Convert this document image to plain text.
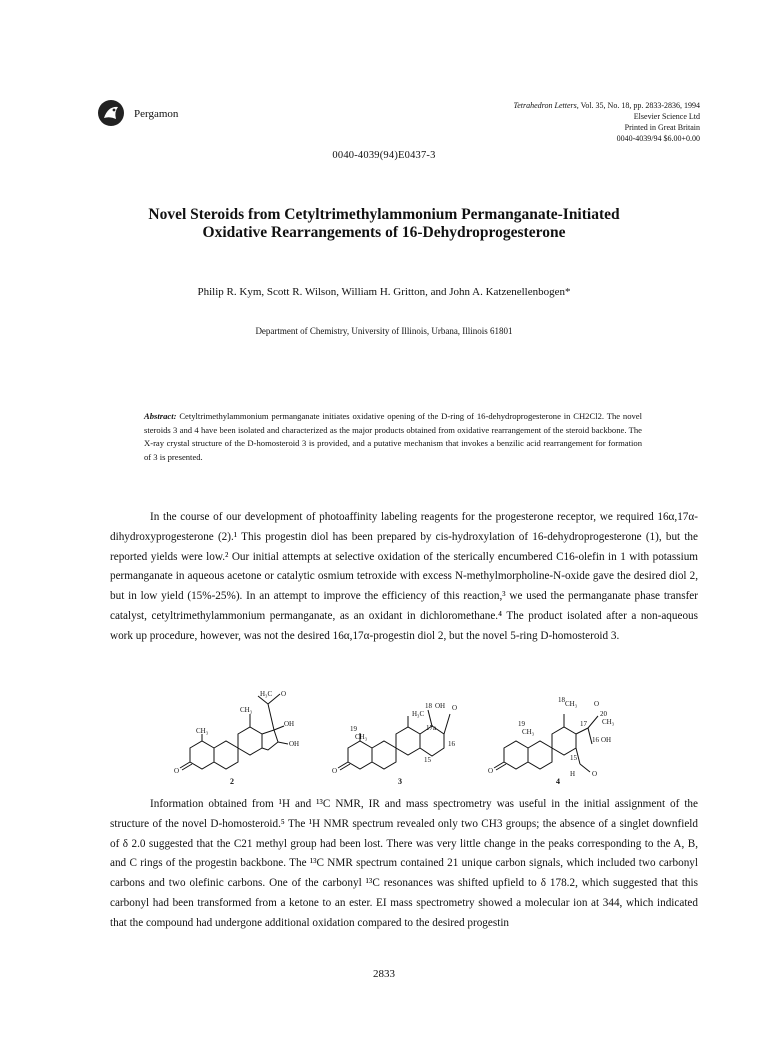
Pergamon
Tetrahedron Letters, Vol. 35, No. 18, pp. 2833-2836, 1994
Elsevier Science Ltd
Printed in Great Britain
0040-4039/94 $6.00+0.00
0040-4039(94)E0437-3
Novel Steroids from Cetyltrimethylammonium Permanganate-Initiated
Oxidative Rearrangements of 16-Dehydroprogesterone
Philip R. Kym, Scott R. Wilson, William H. Gritton, and John A. Katzenellenbogen*
Department of Chemistry, University of Illinois, Urbana, Illinois 61801
Abstract: Cetyltrimethylammonium permanganate initiates oxidative opening of the D-ring of 16-dehydroprogesterone in CH2Cl2. The novel steroids 3 and 4 have been isolated and characterized as the major products obtained from oxidative rearrangement of the steroid backbone. The X-ray crystal structure of the D-homosteroid 3 is provided, and a putative mechanism that invokes a benzilic acid rearrangement for formation of 3 is presented.

In the course of our development of photoaffinity labeling reagents for the progesterone receptor, we required 16α,17α-dihydroxyprogesterone (2).¹ This progestin diol has been prepared by cis-hydroxylation of 16-dehydroprogesterone (1), but the reported yields were low.² Our initial attempts at selective oxidation of the sterically encumbered C16-olefin in 1 with potassium permanganate in aqueous acetone or catalytic osmium tetroxide with excess N-methylmorpholine-N-oxide gave the desired diol 2, but in low yield (15%-25%). In an attempt to improve the efficiency of this reaction,³ we used the permanganate phase transfer catalyst, cetyltrimethylammonium permanganate, as an oxidant in dichloromethane.⁴ The product isolated after a non-aqueous work up procedure, however, was not the desired 16α,17α-progestin diol 2, but the novel 5-ring D-homosteroid 3.

O
H₃C O
CH₃
CH₃
OH
OH
2
O
18 OH O
H₃C
19
CH₃
17a
15
16
3
O
18 CH₃ O
19
CH₃
17
20
CH₃
16 OH
15
H O
4

Information obtained from ¹H and ¹³C NMR, IR and mass spectrometry was useful in the initial assignment of the structure of the novel D-homosteroid.⁵ The ¹H NMR spectrum revealed only two CH3 groups; the absence of a singlet downfield of δ 2.0 suggested that the C21 methyl group had been lost. There was very little change in the peaks corresponding to the A, B, and C rings of the progestin backbone. The ¹³C NMR spectrum contained 21 unique carbon signals, which included two carbonyl carbons and two olefinic carbons. One of the carbonyl ¹³C resonances was shifted upfield to δ 178.2, which suggested that this carbonyl had been transformed from a ketone to an ester. EI mass spectrometry showed a molecular ion at 344, which indicated that the compound had undergone additional oxidation compared to the desired progestin

2833
